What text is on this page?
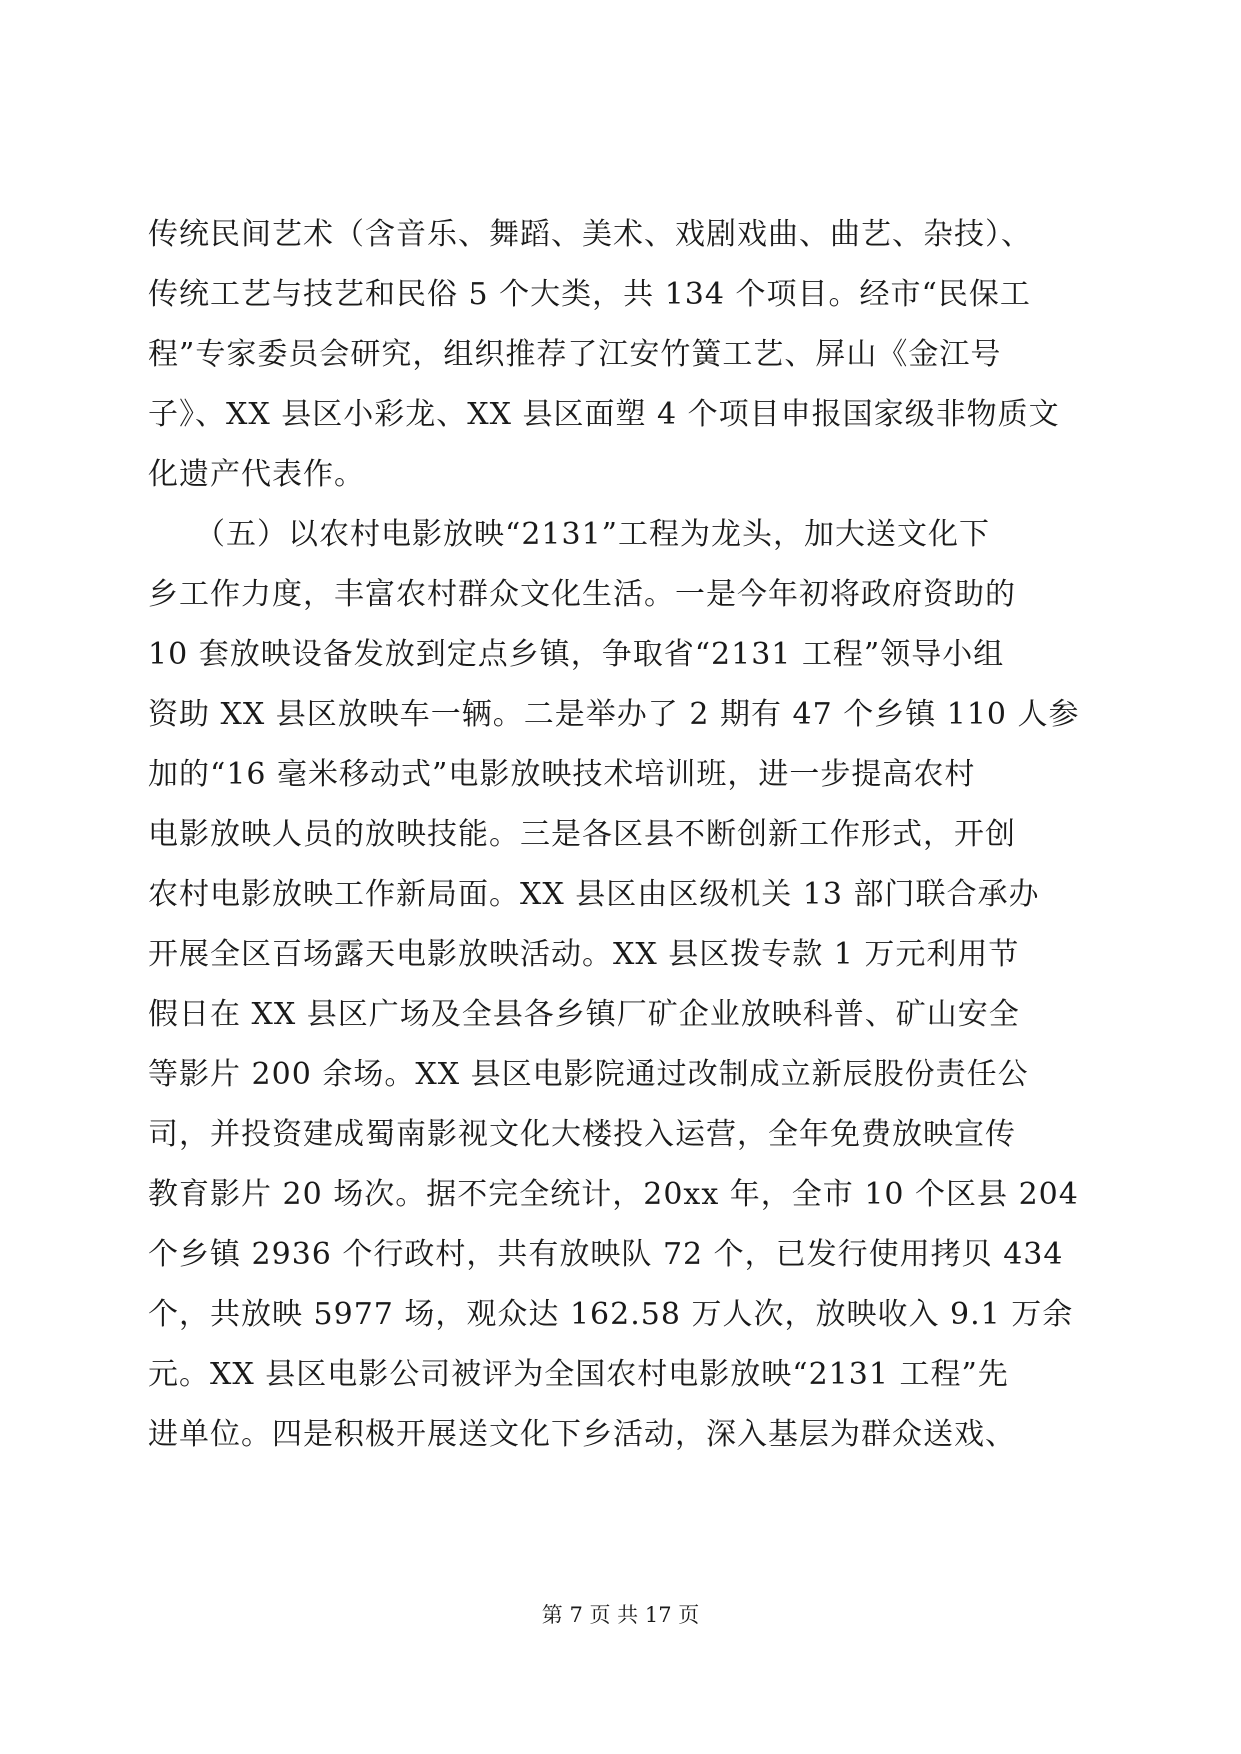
传统民间艺术（含音乐、舞蹈、美术、戏剧戏曲、曲艺、杂技）、
传统工艺与技艺和民俗 5 个大类，共 134 个项目。经市“民保工
程”专家委员会研究，组织推荐了江安竹簧工艺、屏山《金江号
子》、XX 县区小彩龙、XX 县区面塑 4 个项目申报国家级非物质文
化遗产代表作。
　　（五）以农村电影放映“2131”工程为龙头，加大送文化下
乡工作力度，丰富农村群众文化生活。一是今年初将政府资助的
10 套放映设备发放到定点乡镇，争取省“2131 工程”领导小组
资助 XX 县区放映车一辆。二是举办了 2 期有 47 个乡镇 110 人参
加的“16 毫米移动式”电影放映技术培训班，进一步提高农村
电影放映人员的放映技能。三是各区县不断创新工作形式，开创
农村电影放映工作新局面。XX 县区由区级机关 13 部门联合承办
开展全区百场露天电影放映活动。XX 县区拨专款 1 万元利用节
假日在 XX 县区广场及全县各乡镇厂矿企业放映科普、矿山安全
等影片 200 余场。XX 县区电影院通过改制成立新辰股份责任公
司，并投资建成蜀南影视文化大楼投入运营，全年免费放映宣传
教育影片 20 场次。据不完全统计，20xx 年，全市 10 个区县 204
个乡镇 2936 个行政村，共有放映队 72 个，已发行使用拷贝 434
个，共放映 5977 场，观众达 162.58 万人次，放映收入 9.1 万余
元。XX 县区电影公司被评为全国农村电影放映“2131 工程”先
进单位。四是积极开展送文化下乡活动，深入基层为群众送戏、
第 7 页 共 17 页
